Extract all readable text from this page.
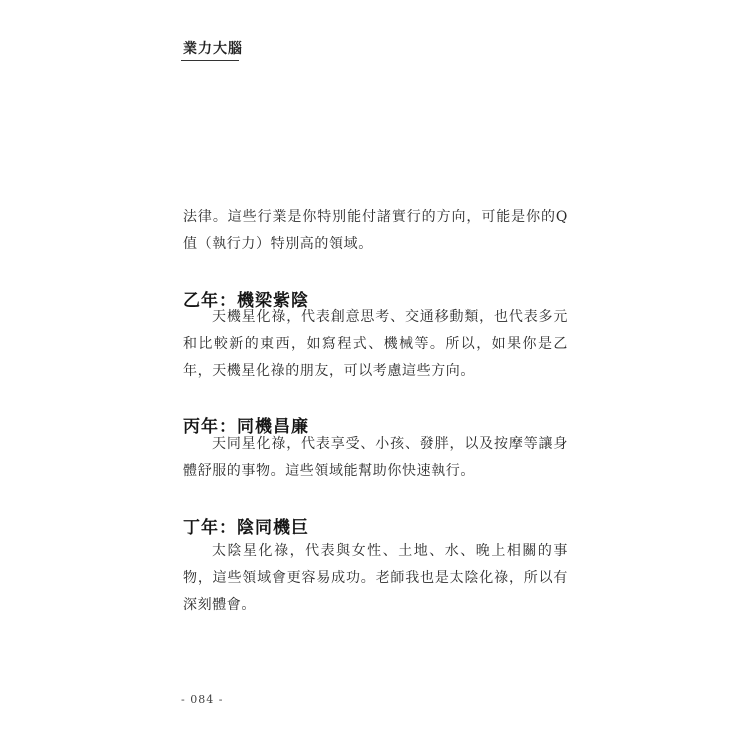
業力大腦

法律。這些行業是你特別能付諸實行的方向，可能是你的Q值（執行力）特別高的領域。

乙年：機梁紫陰

天機星化祿，代表創意思考、交通移動類，也代表多元和比較新的東西，如寫程式、機械等。所以，如果你是乙年，天機星化祿的朋友，可以考慮這些方向。

丙年：同機昌廉

天同星化祿，代表享受、小孩、發胖，以及按摩等讓身體舒服的事物。這些領域能幫助你快速執行。

丁年：陰同機巨

太陰星化祿，代表與女性、土地、水、晚上相關的事物，這些領域會更容易成功。老師我也是太陰化祿，所以有深刻體會。

- 084 -
